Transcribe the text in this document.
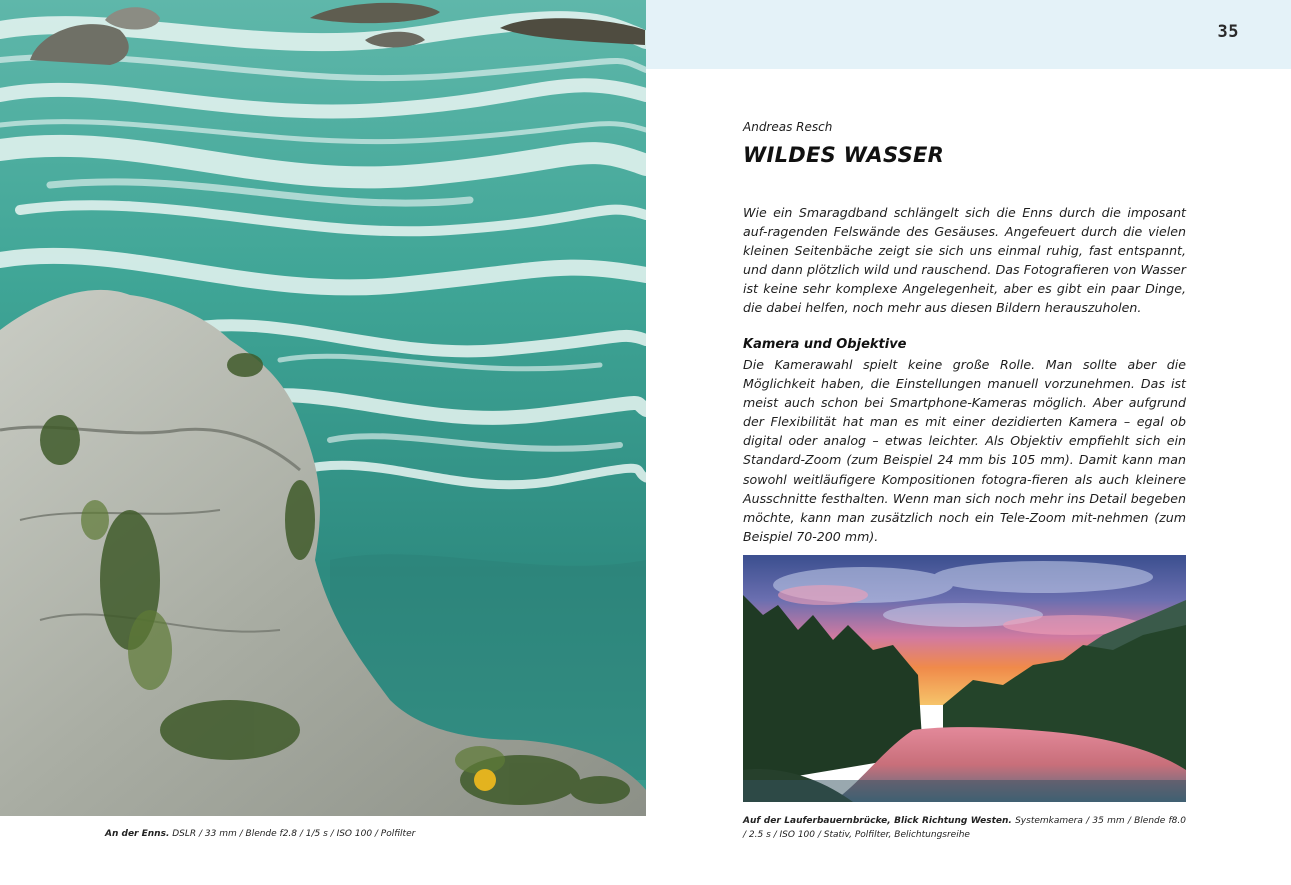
An der Enns. DSLR / 33 mm / Blende f2.8 / 1/5 s / ISO 100 / Polfilter
35
Andreas Resch
WILDES WASSER

Wie ein Smaragdband schlängelt sich die Enns durch die imposant auf-ragenden Felswände des Gesäuses. Angefeuert durch die vielen kleinen Seitenbäche zeigt sie sich uns einmal ruhig, fast entspannt, und dann plötzlich wild und rauschend. Das Fotografieren von Wasser ist keine sehr komplexe Angelegenheit, aber es gibt ein paar Dinge, die dabei helfen, noch mehr aus diesen Bildern herauszuholen.

Kamera und Objektive

Die Kamerawahl spielt keine große Rolle. Man sollte aber die Möglichkeit haben, die Einstellungen manuell vorzunehmen. Das ist meist auch schon bei Smartphone-Kameras möglich. Aber aufgrund der Flexibilität hat man es mit einer dezidierten Kamera – egal ob digital oder analog – etwas leichter. Als Objektiv empfiehlt sich ein Standard-Zoom (zum Beispiel 24 mm bis 105 mm). Damit kann man sowohl weitläufigere Kompositionen fotogra-fieren als auch kleinere Ausschnitte festhalten. Wenn man sich noch mehr ins Detail begeben möchte, kann man zusätzlich noch ein Tele-Zoom mit-nehmen (zum Beispiel 70-200 mm).

Auf der Lauferbauernbrücke, Blick Richtung Westen. Systemkamera / 35 mm / Blende f8.0 / 2.5 s / ISO 100 / Stativ, Polfilter, Belichtungsreihe
